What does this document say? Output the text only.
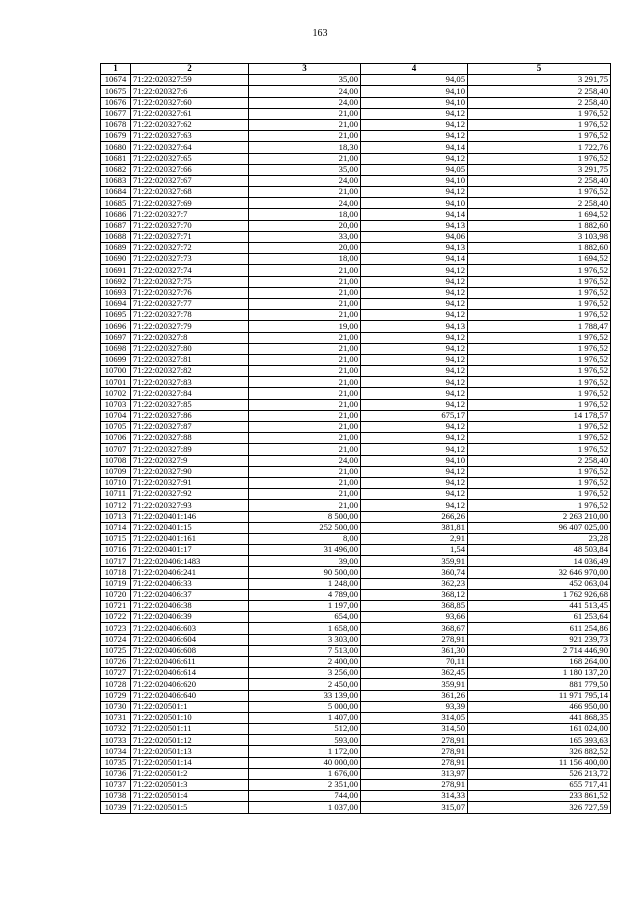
163
1	2	3	4	5
10674	71:22:020327:59	35,00	94,05	3 291,75
10675	71:22:020327:6	24,00	94,10	2 258,40
10676	71:22:020327:60	24,00	94,10	2 258,40
10677	71:22:020327:61	21,00	94,12	1 976,52
10678	71:22:020327:62	21,00	94,12	1 976,52
10679	71:22:020327:63	21,00	94,12	1 976,52
10680	71:22:020327:64	18,30	94,14	1 722,76
10681	71:22:020327:65	21,00	94,12	1 976,52
10682	71:22:020327:66	35,00	94,05	3 291,75
10683	71:22:020327:67	24,00	94,10	2 258,40
10684	71:22:020327:68	21,00	94,12	1 976,52
10685	71:22:020327:69	24,00	94,10	2 258,40
10686	71:22:020327:7	18,00	94,14	1 694,52
10687	71:22:020327:70	20,00	94,13	1 882,60
10688	71:22:020327:71	33,00	94,06	3 103,98
10689	71:22:020327:72	20,00	94,13	1 882,60
10690	71:22:020327:73	18,00	94,14	1 694,52
10691	71:22:020327:74	21,00	94,12	1 976,52
10692	71:22:020327:75	21,00	94,12	1 976,52
10693	71:22:020327:76	21,00	94,12	1 976,52
10694	71:22:020327:77	21,00	94,12	1 976,52
10695	71:22:020327:78	21,00	94,12	1 976,52
10696	71:22:020327:79	19,00	94,13	1 788,47
10697	71:22:020327:8	21,00	94,12	1 976,52
10698	71:22:020327:80	21,00	94,12	1 976,52
10699	71:22:020327:81	21,00	94,12	1 976,52
10700	71:22:020327:82	21,00	94,12	1 976,52
10701	71:22:020327:83	21,00	94,12	1 976,52
10702	71:22:020327:84	21,00	94,12	1 976,52
10703	71:22:020327:85	21,00	94,12	1 976,52
10704	71:22:020327:86	21,00	675,17	14 178,57
10705	71:22:020327:87	21,00	94,12	1 976,52
10706	71:22:020327:88	21,00	94,12	1 976,52
10707	71:22:020327:89	21,00	94,12	1 976,52
10708	71:22:020327:9	24,00	94,10	2 258,40
10709	71:22:020327:90	21,00	94,12	1 976,52
10710	71:22:020327:91	21,00	94,12	1 976,52
10711	71:22:020327:92	21,00	94,12	1 976,52
10712	71:22:020327:93	21,00	94,12	1 976,52
10713	71:22:020401:146	8 500,00	266,26	2 263 210,00
10714	71:22:020401:15	252 500,00	381,81	96 407 025,00
10715	71:22:020401:161	8,00	2,91	23,28
10716	71:22:020401:17	31 496,00	1,54	48 503,84
10717	71:22:020406:1483	39,00	359,91	14 036,49
10718	71:22:020406:241	90 500,00	360,74	32 646 970,00
10719	71:22:020406:33	1 248,00	362,23	452 063,04
10720	71:22:020406:37	4 789,00	368,12	1 762 926,68
10721	71:22:020406:38	1 197,00	368,85	441 513,45
10722	71:22:020406:39	654,00	93,66	61 253,64
10723	71:22:020406:603	1 658,00	368,67	611 254,86
10724	71:22:020406:604	3 303,00	278,91	921 239,73
10725	71:22:020406:608	7 513,00	361,30	2 714 446,90
10726	71:22:020406:611	2 400,00	70,11	168 264,00
10727	71:22:020406:614	3 256,00	362,45	1 180 137,20
10728	71:22:020406:620	2 450,00	359,91	881 779,50
10729	71:22:020406:640	33 139,00	361,26	11 971 795,14
10730	71:22:020501:1	5 000,00	93,39	466 950,00
10731	71:22:020501:10	1 407,00	314,05	441 868,35
10732	71:22:020501:11	512,00	314,50	161 024,00
10733	71:22:020501:12	593,00	278,91	165 393,63
10734	71:22:020501:13	1 172,00	278,91	326 882,52
10735	71:22:020501:14	40 000,00	278,91	11 156 400,00
10736	71:22:020501:2	1 676,00	313,97	526 213,72
10737	71:22:020501:3	2 351,00	278,91	655 717,41
10738	71:22:020501:4	744,00	314,33	233 861,52
10739	71:22:020501:5	1 037,00	315,07	326 727,59
